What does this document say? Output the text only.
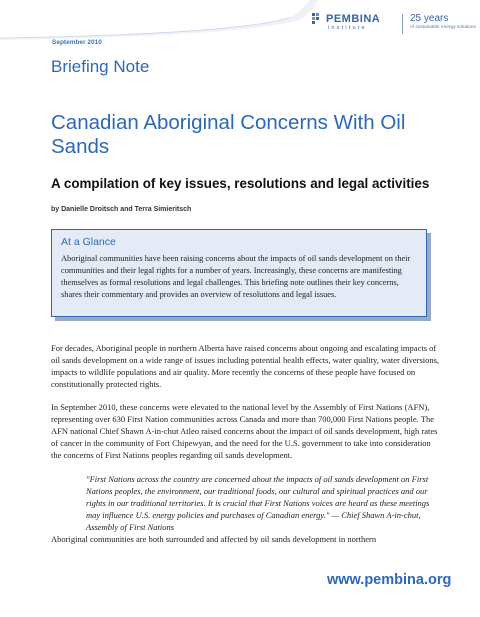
PEMBINA
institute
25 years
of sustainable energy solutions
September 2010
Briefing Note
Canadian Aboriginal Concerns With Oil Sands
A compilation of key issues, resolutions and legal activities
by Danielle Droitsch and Terra Simieritsch
At a Glance
Aboriginal communities have been raising concerns about the impacts of oil sands development on their communities and their legal rights for a number of years. Increasingly, these concerns are manifesting themselves as formal resolutions and legal challenges. This briefing note outlines their key concerns, shares their commentary and provides an overview of resolutions and legal issues.
For decades, Aboriginal people in northern Alberta have raised concerns about ongoing and escalating impacts of oil sands development on a wide range of issues including potential health effects, water quality, water diversions, impacts to wildlife populations and air quality. More recently the concerns of these people have focused on constitutionally protected rights.
In September 2010, these concerns were elevated to the national level by the Assembly of First Nations (AFN), representing over 630 First Nation communities across Canada and more than 700,000 First Nations people. The AFN national Chief Shawn A-in-chut Atleo raised concerns about the impact of oil sands development, high rates of cancer in the community of Fort Chipewyan, and the need for the U.S. government to take into consideration the concerns of First Nations peoples regarding oil sands development.
"First Nations across the country are concerned about the impacts of oil sands development on First Nations peoples, the environment, our traditional foods, our cultural and spiritual practices and our rights in our traditional territories. It is crucial that First Nations voices are heard as these meetings may influence U.S. energy policies and purchases of Canadian energy." — Chief Shawn A-in-chut, Assembly of First Nations
Aboriginal communities are both surrounded and affected by oil sands development in northern
www.pembina.org
